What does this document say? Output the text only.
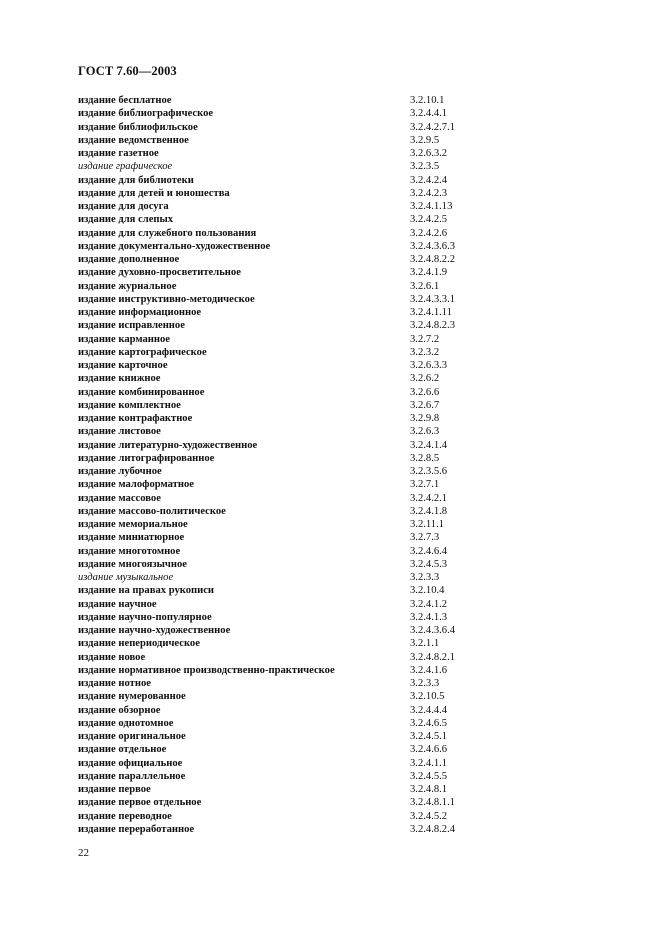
ГОСТ 7.60—2003
издание бесплатное	3.2.10.1
издание библиографическое	3.2.4.4.1
издание библиофильское	3.2.4.2.7.1
издание ведомственное	3.2.9.5
издание газетное	3.2.6.3.2
издание графическое	3.2.3.5
издание для библиотеки	3.2.4.2.4
издание для детей и юношества	3.2.4.2.3
издание для досуга	3.2.4.1.13
издание для слепых	3.2.4.2.5
издание для служебного пользования	3.2.4.2.6
издание документально-художественное	3.2.4.3.6.3
издание дополненное	3.2.4.8.2.2
издание духовно-просветительное	3.2.4.1.9
издание журнальное	3.2.6.1
издание инструктивно-методическое	3.2.4.3.3.1
издание информационное	3.2.4.1.11
издание исправленное	3.2.4.8.2.3
издание карманное	3.2.7.2
издание картографическое	3.2.3.2
издание карточное	3.2.6.3.3
издание книжное	3.2.6.2
издание комбинированное	3.2.6.6
издание комплектное	3.2.6.7
издание контрафактное	3.2.9.8
издание листовое	3.2.6.3
издание литературно-художественное	3.2.4.1.4
издание литографированное	3.2.8.5
издание лубочное	3.2.3.5.6
издание малоформатное	3.2.7.1
издание массовое	3.2.4.2.1
издание массово-политическое	3.2.4.1.8
издание мемориальное	3.2.11.1
издание миниатюрное	3.2.7.3
издание многотомное	3.2.4.6.4
издание многоязычное	3.2.4.5.3
издание музыкальное	3.2.3.3
издание на правах рукописи	3.2.10.4
издание научное	3.2.4.1.2
издание научно-популярное	3.2.4.1.3
издание научно-художественное	3.2.4.3.6.4
издание непериодическое	3.2.1.1
издание новое	3.2.4.8.2.1
издание нормативное производственно-практическое	3.2.4.1.6
издание нотное	3.2.3.3
издание нумерованное	3.2.10.5
издание обзорное	3.2.4.4.4
издание однотомное	3.2.4.6.5
издание оригинальное	3.2.4.5.1
издание отдельное	3.2.4.6.6
издание официальное	3.2.4.1.1
издание параллельное	3.2.4.5.5
издание первое	3.2.4.8.1
издание первое отдельное	3.2.4.8.1.1
издание переводное	3.2.4.5.2
издание переработанное	3.2.4.8.2.4
22
